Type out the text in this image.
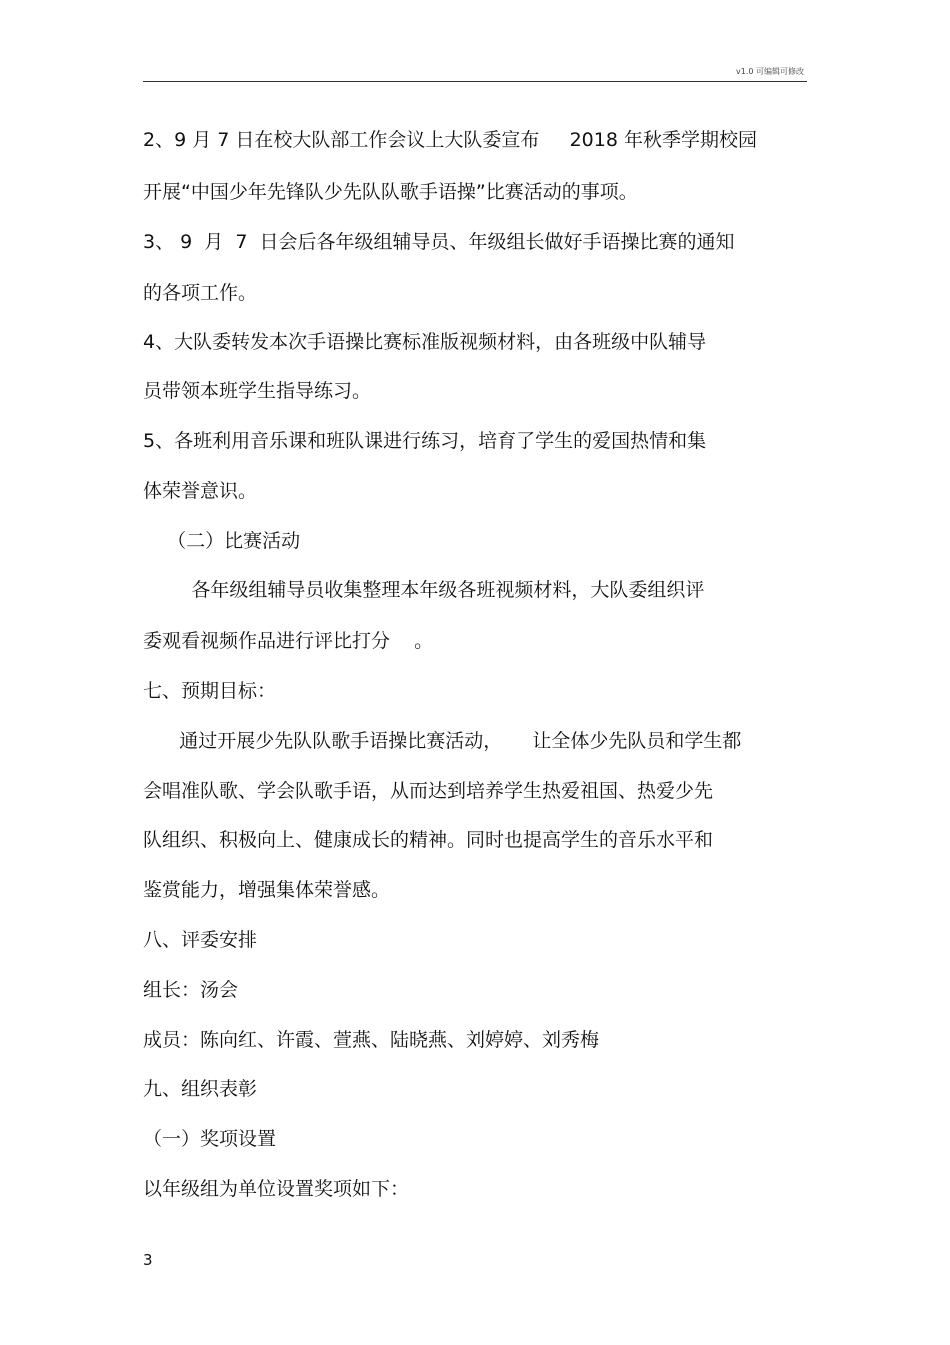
v1.0 可编辑可修改
2、9 月 7 日在校大队部工作会议上大队委宣布     2018 年秋季学期校园
开展“中国少年先锋队少先队队歌手语操”比赛活动的事项。
3、 9  月  7  日会后各年级组辅导员、年级组长做好手语操比赛的通知
的各项工作。
4、大队委转发本次手语操比赛标准版视频材料，由各班级中队辅导
员带领本班学生指导练习。
5、各班利用音乐课和班队课进行练习，培育了学生的爱国热情和集
体荣誉意识。
（二）比赛活动
各年级组辅导员收集整理本年级各班视频材料，大队委组织评
委观看视频作品进行评比打分    。
七、预期目标：
通过开展少先队队歌手语操比赛活动，     让全体少先队员和学生都
会唱准队歌、学会队歌手语，从而达到培养学生热爱祖国、热爱少先
队组织、积极向上、健康成长的精神。同时也提高学生的音乐水平和
鉴赏能力，增强集体荣誉感。
八、评委安排
组长：汤会
成员：陈向红、许霞、萱燕、陆晓燕、刘婷婷、刘秀梅
九、组织表彰
（一）奖项设置
以年级组为单位设置奖项如下：
3
